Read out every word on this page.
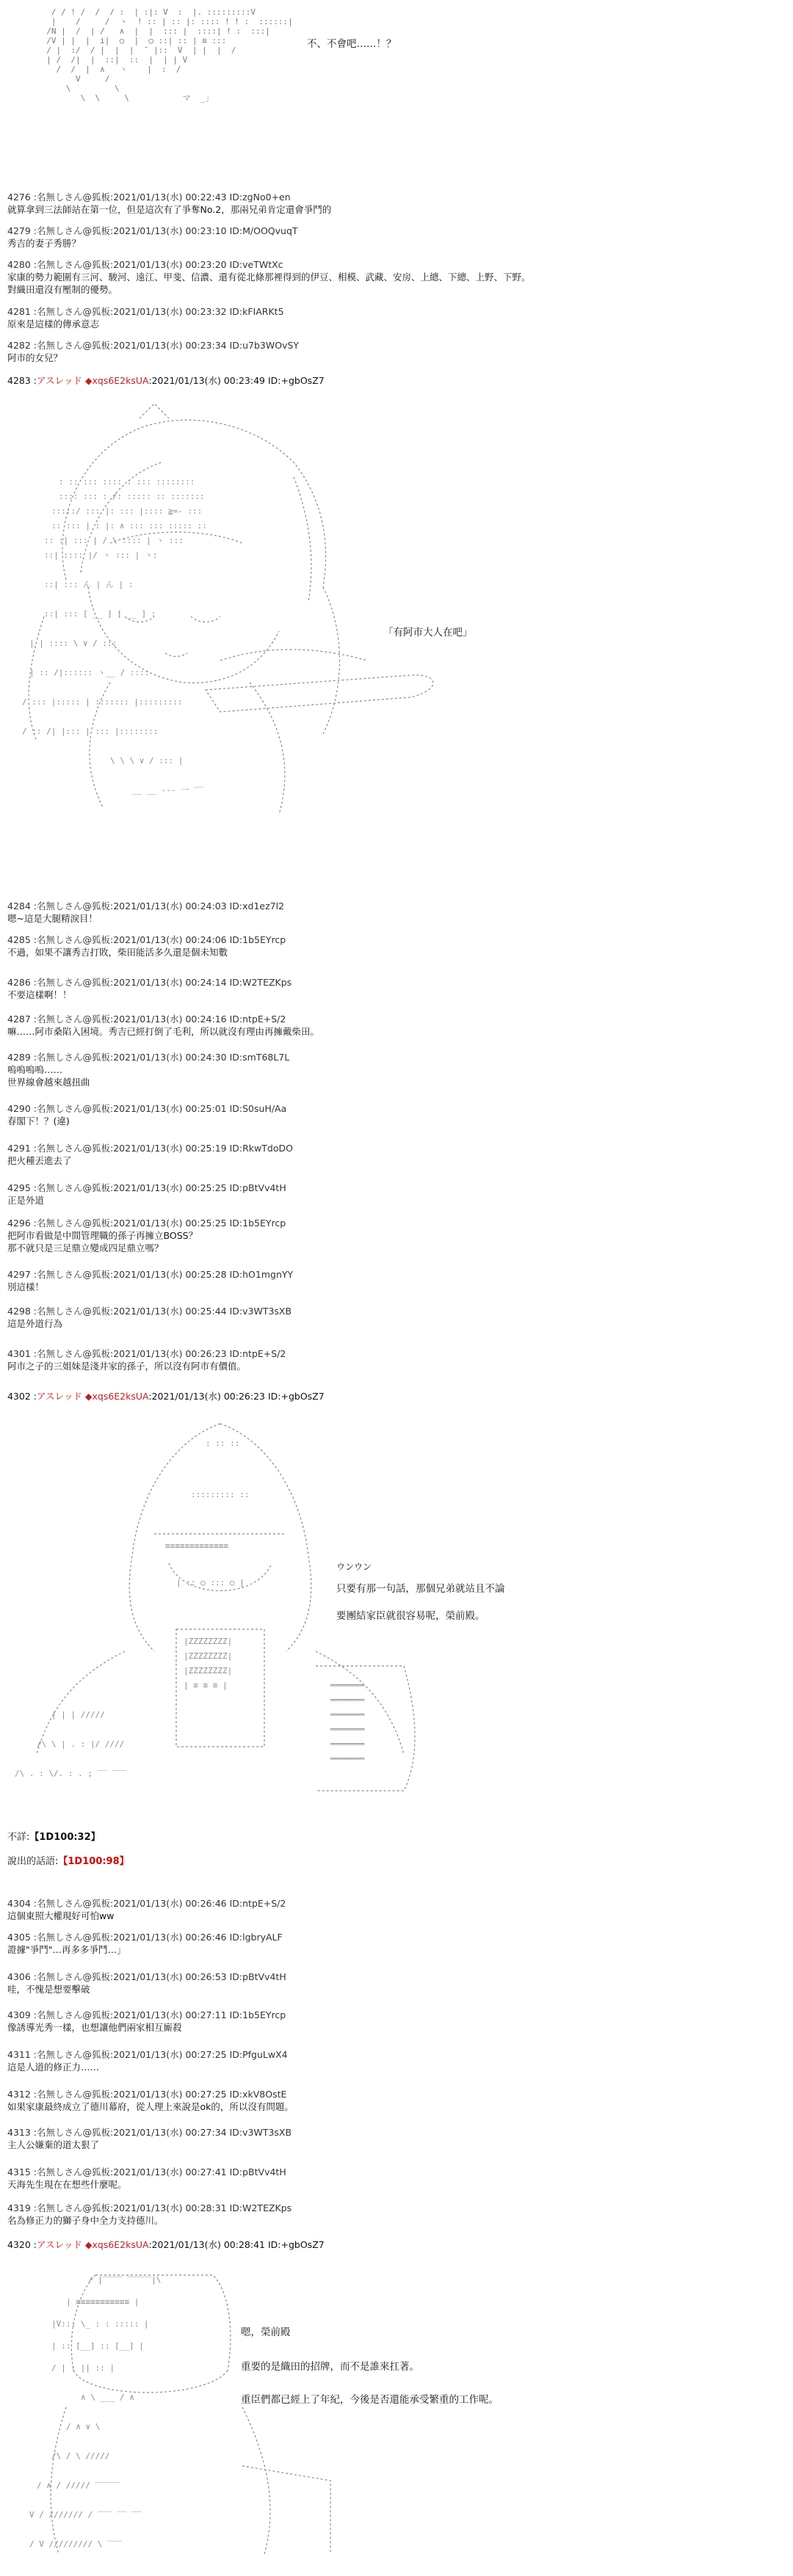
/ / ! /  /  / :  | :|: V  :  |. :::::::::V
|    /     /  ヽ  ! :: | :: |: :::: ! ! :  ::::::|
/N |  /  | /   ∧  |  |  ::: |  ::::| ! :  :::|
/V | |  |  i|  ○  |  ○ ::| :: | ≡ :::
/ |  :/  / |  |  |  ̄  |::  V  | |  |  /
| /  /|  |  ::|  ::  |  | | V
/  /  |  ∧   ヽ    |  :  /
V     /
\         \
\  \     \           マ  _」
不、不會吧……！？
4276 :名無しさん@狐板:2021/01/13(水) 00:22:43 ID:zgNo0+en
就算拿到三法師站在第一位，但是這次有了爭奪No.2，那兩兄弟肯定還會爭鬥的
4279 :名無しさん@狐板:2021/01/13(水) 00:23:10 ID:M/OOQvuqT
秀吉的妻子秀勝？
4280 :名無しさん@狐板:2021/01/13(水) 00:23:20 ID:veTWtXc
家康的勢力範圍有三河、駿河、遠江、甲斐、信濃、還有從北條那裡得到的伊豆、相模、武藏、安房、上總、下總、上野、下野。
對織田還沒有壓制的優勢。
4281 :名無しさん@狐板:2021/01/13(水) 00:23:32 ID:kFIARKt5
原來是這樣的傳承意志
4282 :名無しさん@狐板:2021/01/13(水) 00:23:34 ID:u7b3WOvSY
阿市的女兒？
4283 :アスレッド ◆xqs6E2ksUA:2021/01/13(水) 00:23:49 ID:+gbOsZ7
: :: ::: :::: : ::: ::::::::
:::: ::: : /: ::::: :: :::::::
:::::/ ::: |: ::: |:::: ≧=- :::
:: ::: | : |: ∧ ::: ::: ::::: ::
:: :| ::: | / \ :::: | ヽ :::
::| :::: |/ ヽ ::: | ヽ:
::| ::: ん | ん | :
::| ::: [ __ ] [ __ ] :
| | :::: \ ∨ / :::
| :: /|:::::: ヽ__ / ::::
/ ::: |::::: | ::::::: |:::::::::
/ :: /| |::: | ::: |::::::::
\ \ \ ∨ / ::: |
__ __ --- 一 ‾‾
「有阿市大人在吧」
4284 :名無しさん@狐板:2021/01/13(水) 00:24:03 ID:xd1ez7l2
嗯~這是大腿精淚目！
4285 :名無しさん@狐板:2021/01/13(水) 00:24:06 ID:1b5EYrcp
不過，如果不讓秀吉打敗，柴田能活多久還是個未知數
4286 :名無しさん@狐板:2021/01/13(水) 00:24:14 ID:W2TEZKps
不要這樣啊！！
4287 :名無しさん@狐板:2021/01/13(水) 00:24:16 ID:ntpE+S/2
嘛……阿市桑陷入困境。秀吉已經打倒了毛利，所以就沒有理由再擁戴柴田。
4289 :名無しさん@狐板:2021/01/13(水) 00:24:30 ID:smT68L7L
嗚嗚嗚嗚……
世界線會越來越扭曲
4290 :名無しさん@狐板:2021/01/13(水) 00:25:01 ID:S0suH/Aa
春閣下！？(違)
4291 :名無しさん@狐板:2021/01/13(水) 00:25:19 ID:RkwTdoDO
把火種丟進去了
4295 :名無しさん@狐板:2021/01/13(水) 00:25:25 ID:pBtVv4tH
正是外道
4296 :名無しさん@狐板:2021/01/13(水) 00:25:25 ID:1b5EYrcp
把阿市看做是中間管理職的孫子再擁立BOSS？
那不就只是三足鼎立變成四足鼎立嗎？
4297 :名無しさん@狐板:2021/01/13(水) 00:25:28 ID:hO1mgnYY
別這樣！
4298 :名無しさん@狐板:2021/01/13(水) 00:25:44 ID:v3WT3sXB
這是外道行為
4301 :名無しさん@狐板:2021/01/13(水) 00:26:23 ID:ntpE+S/2
阿市之子的三姐妹是淺井家的孫子，所以沒有阿市有價值。
4302 :アスレッド ◆xqs6E2ksUA:2021/01/13(水) 00:26:23 ID:+gbOsZ7
: :: ::
::::::::: ::
≡≡≡≡≡≡≡≡≡≡≡≡≡
| :: ○ ::: ○ |
|ZZZZZZZZ|
|ZZZZZZZZ|
|ZZZZZZZZ|
| ≡ ≡ ≡ |
| | | /////
/\ \ | . : |/ ////
/\ . : \/. : . ; ‾‾ ‾‾‾
═══════
═══════
═══════
═══════
═══════
═══════
ウンウン
只要有那一句話，那個兄弟就站且不論
要團結家臣就很容易呢，榮前殿。
不詳:【1D100:32】
說出的話語:【1D100:98】
4304 :名無しさん@狐板:2021/01/13(水) 00:26:46 ID:ntpE+S/2
這個東照大權現好可怕ww
4305 :名無しさん@狐板:2021/01/13(水) 00:26:46 ID:lgbryALF
證據"爭鬥"…再多多爭鬥…」
4306 :名無しさん@狐板:2021/01/13(水) 00:26:53 ID:pBtVv4tH
哇，不愧是想要擊破
4309 :名無しさん@狐板:2021/01/13(水) 00:27:11 ID:1b5EYrcp
像誘導光秀一樣，也想讓他們兩家相互廝殺
4311 :名無しさん@狐板:2021/01/13(水) 00:27:25 ID:PfguLwX4
這是人道的修正力……
4312 :名無しさん@狐板:2021/01/13(水) 00:27:25 ID:xkV8OstE
如果家康最終成立了德川幕府，從人理上來說是ok的，所以沒有問題。
4313 :名無しさん@狐板:2021/01/13(水) 00:27:34 ID:v3WT3sXB
主人公嫌棄的道太狠了
4315 :名無しさん@狐板:2021/01/13(水) 00:27:41 ID:pBtVv4tH
天海先生現在在想些什麼呢。
4319 :名無しさん@狐板:2021/01/13(水) 00:28:31 ID:W2TEZKps
名為修正力的獅子身中全力支持德川。
4320 :アスレッド ◆xqs6E2ksUA:2021/01/13(水) 00:28:41 ID:+gbOsZ7
/ |‾‾‾‾ ‾‾‾‾‾|\
| ≡≡≡≡≡≡≡≡≡≡≡ |
|V::: \_ : : ::::: |
| :: [__] :: [__] |
/ | : || :: |
∧ \ ___ / ∧
/ ∧ ∨ \
/\ / \ /////
/ ∧ / ///// ‾‾‾‾‾
V / /////// / ‾‾‾ ‾‾ ‾‾
/ V ///////// \ ‾‾‾
嗯，榮前殿
重要的是織田的招牌，而不是誰來扛著。
重臣們都已經上了年紀，今後是否還能承受繁重的工作呢。
